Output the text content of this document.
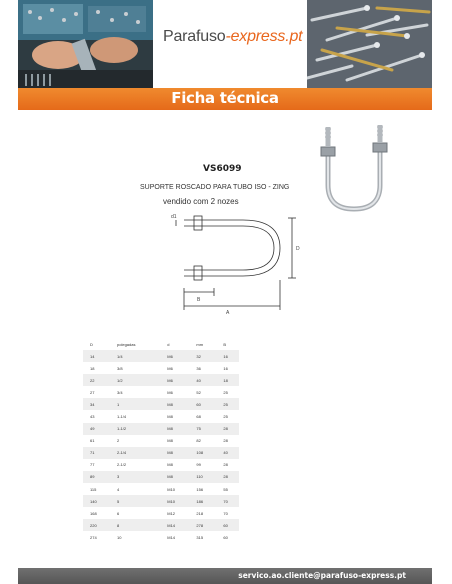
Parafuso-express.pt
Ficha técnica
VS6099
SUPORTE ROSCADO PARA TUBO ISO - ZING
vendido com 2 nozes
d1
D
B
A
D	polegadas	d	mm	B
14	1/4	M6	32	16
18	3/8	M6	36	16
22	1/2	M6	40	18
27	3/4	M6	52	25
34	1	M8	60	25
43	1-1/4	M8	68	25
49	1-1/2	M8	75	28
61	2	M8	82	28
71	2-1/4	M8	108	40
77	2-1/2	M8	99	28
89	3	M8	110	28
115	4	M10	156	55
140	5	M10	186	70
168	6	M12	218	70
220	8	M14	278	60
274	10	M14	315	60
servico.ao.cliente@parafuso-express.pt
